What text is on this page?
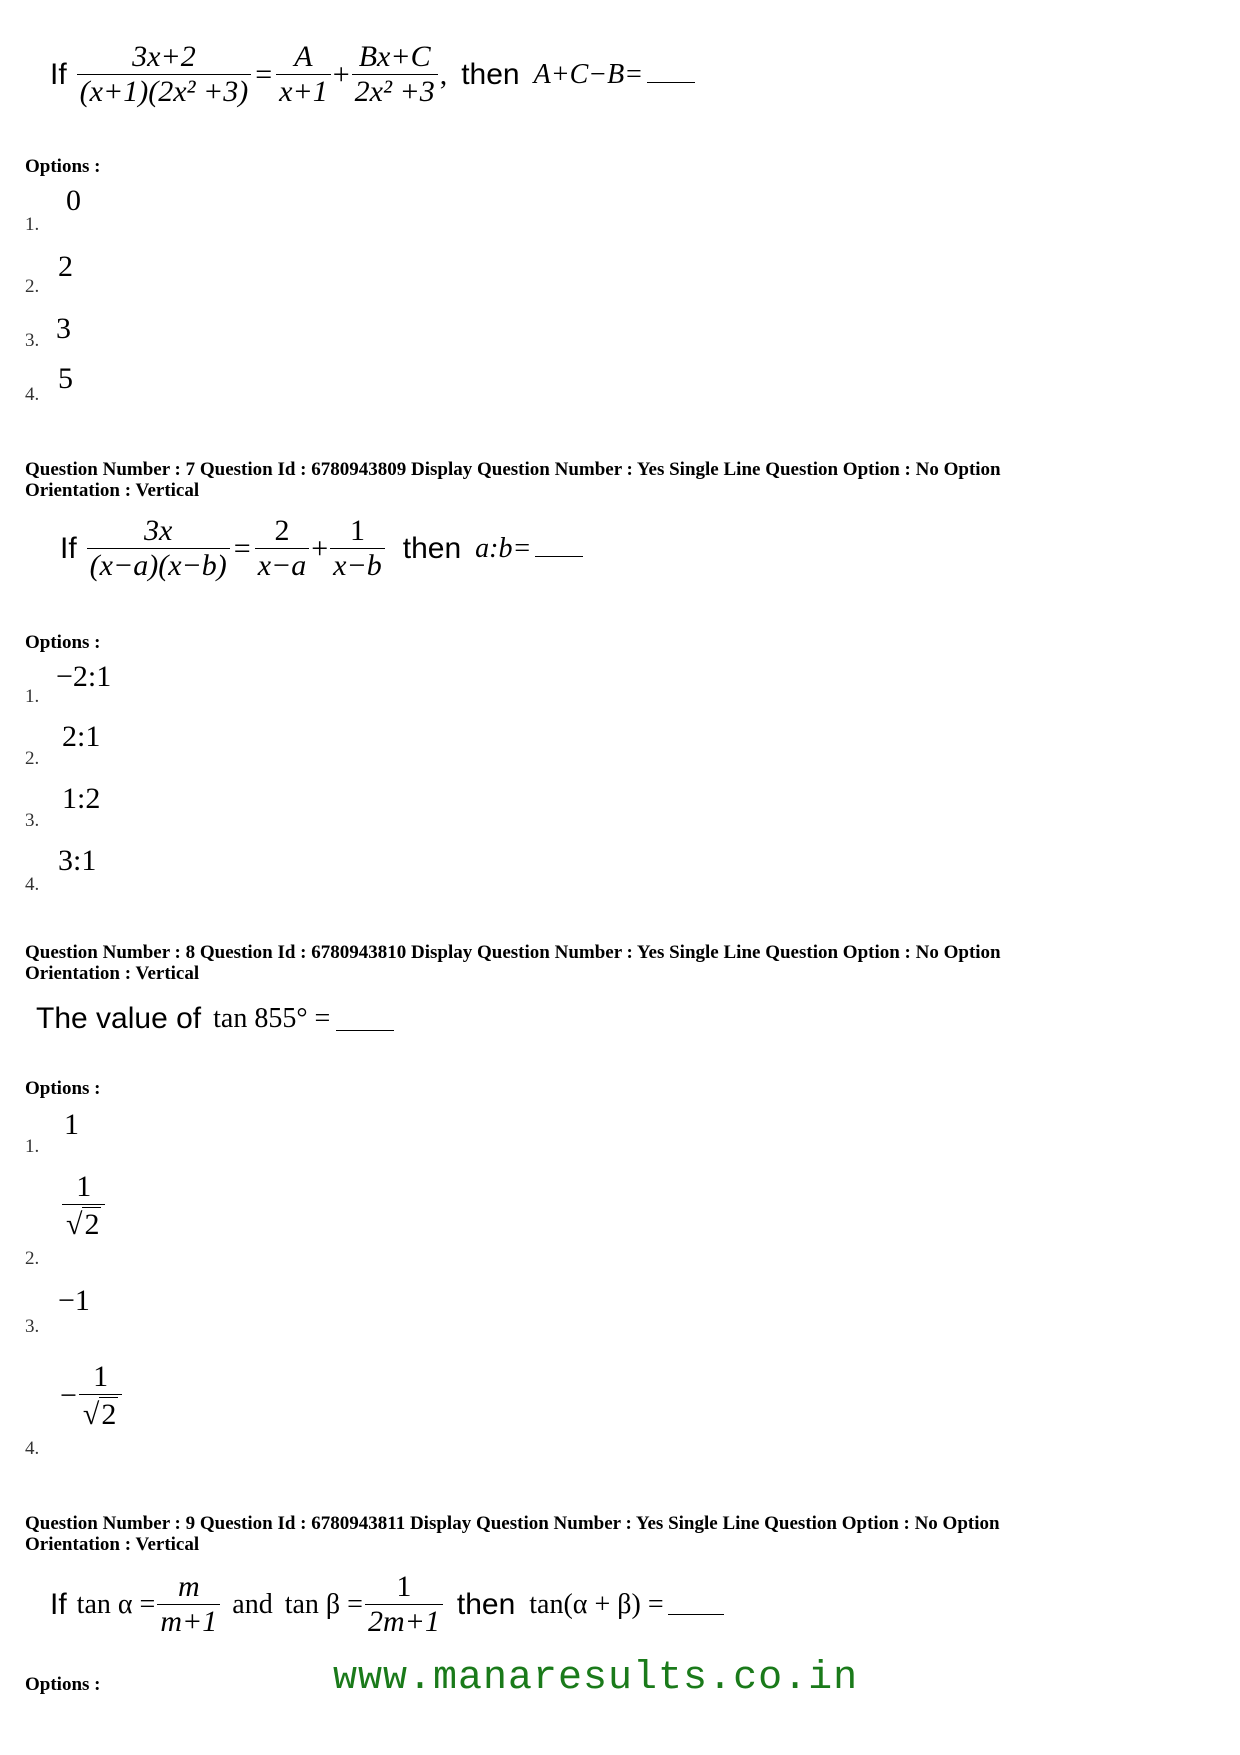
If $\frac{3x+2}{\text{(x+1)(2x² +3)}} = \frac{A}{x+1} + \frac{Bx+C}{\text{2x² +3}}$ , then A+C−B=
Options :
1.
0
2.
2
3. 3
4. 5
Question Number : 7 Question Id : 6780943809 Display Question Number : Yes Single Line Question Option : No Option
Orientation : Vertical
If $\frac{3x}{(x-a)(x-b)} = \frac{2}{x-a} + \frac{1}{x-b}$ then a:b=
Options :
1.
−2:1
2.
2:1
3.
1:2
4.
3:1
Question Number : 8 Question Id : 6780943810 Display Question Number : Yes Single Line Question Option : No Option
Orientation : Vertical
The value of tan 855° =
Options :
1.
1
2.
$\frac{1}{√2}$
3.
−1
4.
− $\frac{1}{√2}$
Question Number : 9 Question Id : 6780943811 Display Question Number : Yes Single Line Question Option : No Option
Orientation : Vertical
If $\tan \alpha = \frac{m}{m+1}$ and $\tan \beta = \frac{1}{2m+1}$ then tan(α + β) =
Options :	www.manaresults.co.in
